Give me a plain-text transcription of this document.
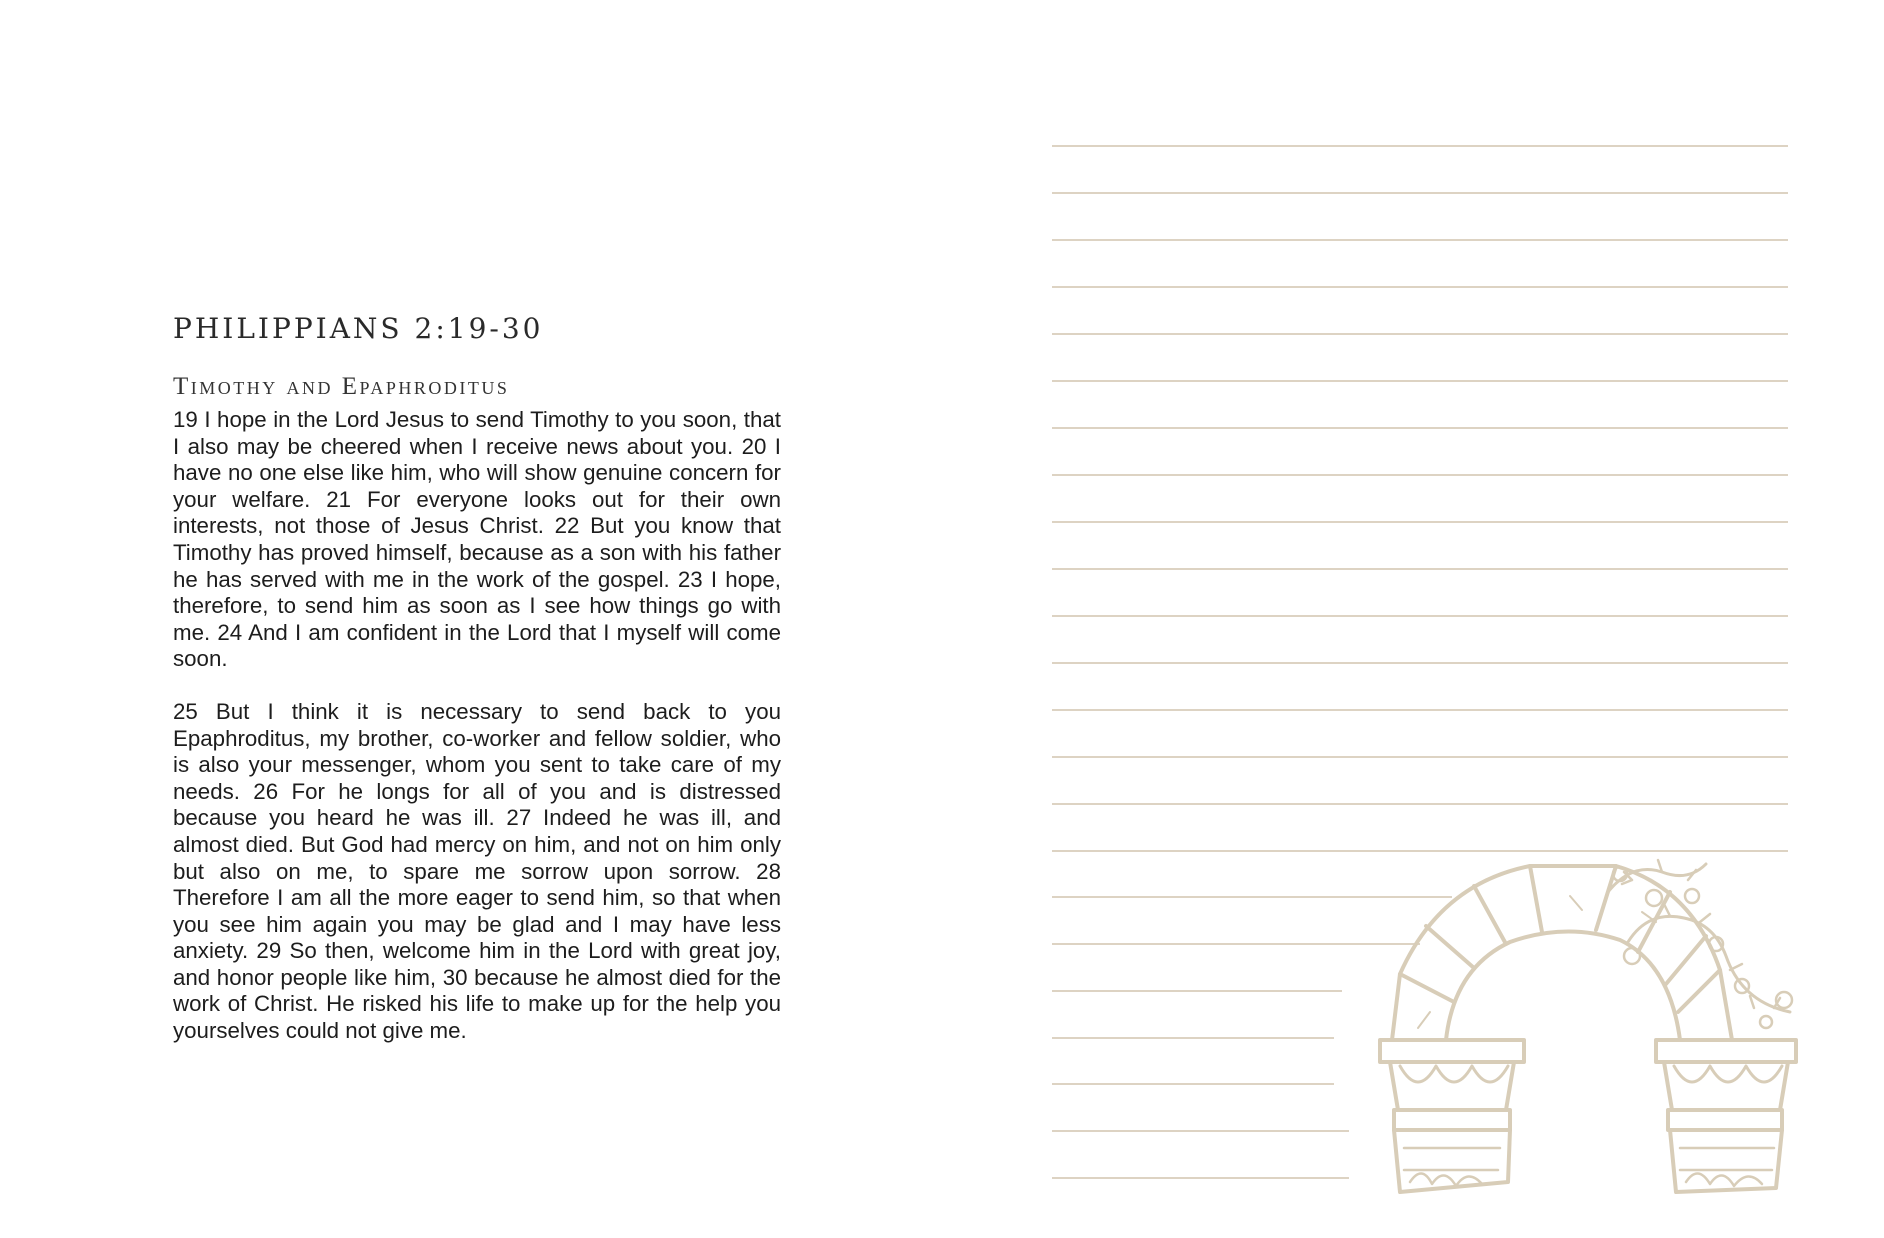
PHILIPPIANS 2:19-30
Timothy and Epaphroditus

19 I hope in the Lord Jesus to send Timothy to you soon, that I also may be cheered when I receive news about you. 20 I have no one else like him, who will show genuine concern for your welfare. 21 For everyone looks out for their own interests, not those of Jesus Christ. 22 But you know that Timothy has proved himself, because as a son with his father he has served with me in the work of the gospel. 23 I hope, therefore, to send him as soon as I see how things go with me. 24 And I am confident in the Lord that I myself will come soon.

25 But I think it is necessary to send back to you Epaphroditus, my brother, co-worker and fellow soldier, who is also your messenger, whom you sent to take care of my needs. 26 For he longs for all of you and is distressed because you heard he was ill. 27 Indeed he was ill, and almost died. But God had mercy on him, and not on him only but also on me, to spare me sorrow upon sorrow. 28 Therefore I am all the more eager to send him, so that when you see him again you may be glad and I may have less anxiety. 29 So then, welcome him in the Lord with great joy, and honor people like him, 30 because he almost died for the work of Christ. He risked his life to make up for the help you yourselves could not give me.
